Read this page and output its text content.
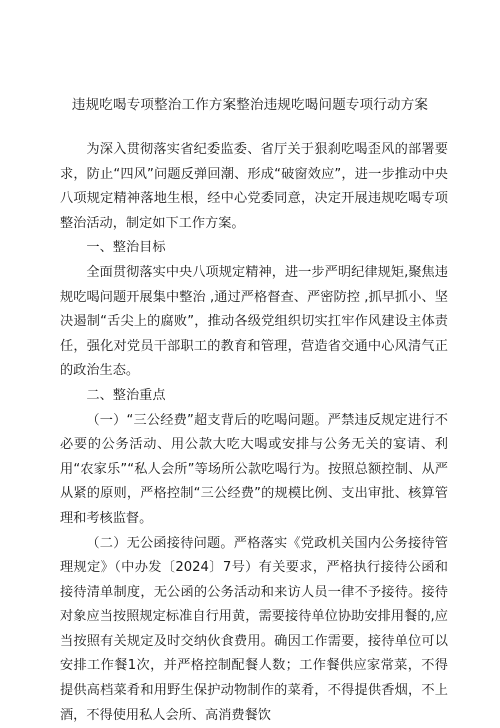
违规吃喝专项整治工作方案整治违规吃喝问题专项行动方案

为深入贯彻落实省纪委监委、省厅关于狠刹吃喝歪风的部署要求，防止“四风”问题反弹回潮、形成“破窗效应”，进一步推动中央八项规定精神落地生根，经中心党委同意，决定开展违规吃喝专项整治活动，制定如下工作方案。

一、整治目标

全面贯彻落实中央八项规定精神，进一步严明纪律规矩,聚焦违规吃喝问题开展集中整治 ,通过严格督查、严密防控 ,抓早抓小、坚决遏制“舌尖上的腐败”，推动各级党组织切实扛牢作风建设主体责任，强化对党员干部职工的教育和管理，营造省交通中心风清气正的政治生态。

二、整治重点

（一）“三公经费”超支背后的吃喝问题。严禁违反规定进行不必要的公务活动、用公款大吃大喝或安排与公务无关的宴请、利用“农家乐”“私人会所”等场所公款吃喝行为。按照总额控制、从严从紧的原则，严格控制“三公经费”的规模比例、支出审批、核算管理和考核监督。

（二）无公函接待问题。严格落实《党政机关国内公务接待管理规定》（中办发〔2024〕7号）有关要求，严格执行接待公函和接待清单制度，无公函的公务活动和来访人员一律不予接待。接待对象应当按照规定标准自行用黄，需要接待单位协助安排用餐的,应当按照有关规定及时交纳伙食费用。确因工作需要，接待单位可以安排工作餐1次，并严格控制配餐人数；工作餐供应家常菜，不得提供高档菜肴和用野生保护动物制作的菜肴，不得提供香烟，不上酒，不得使用私人会所、高消费餐饮
